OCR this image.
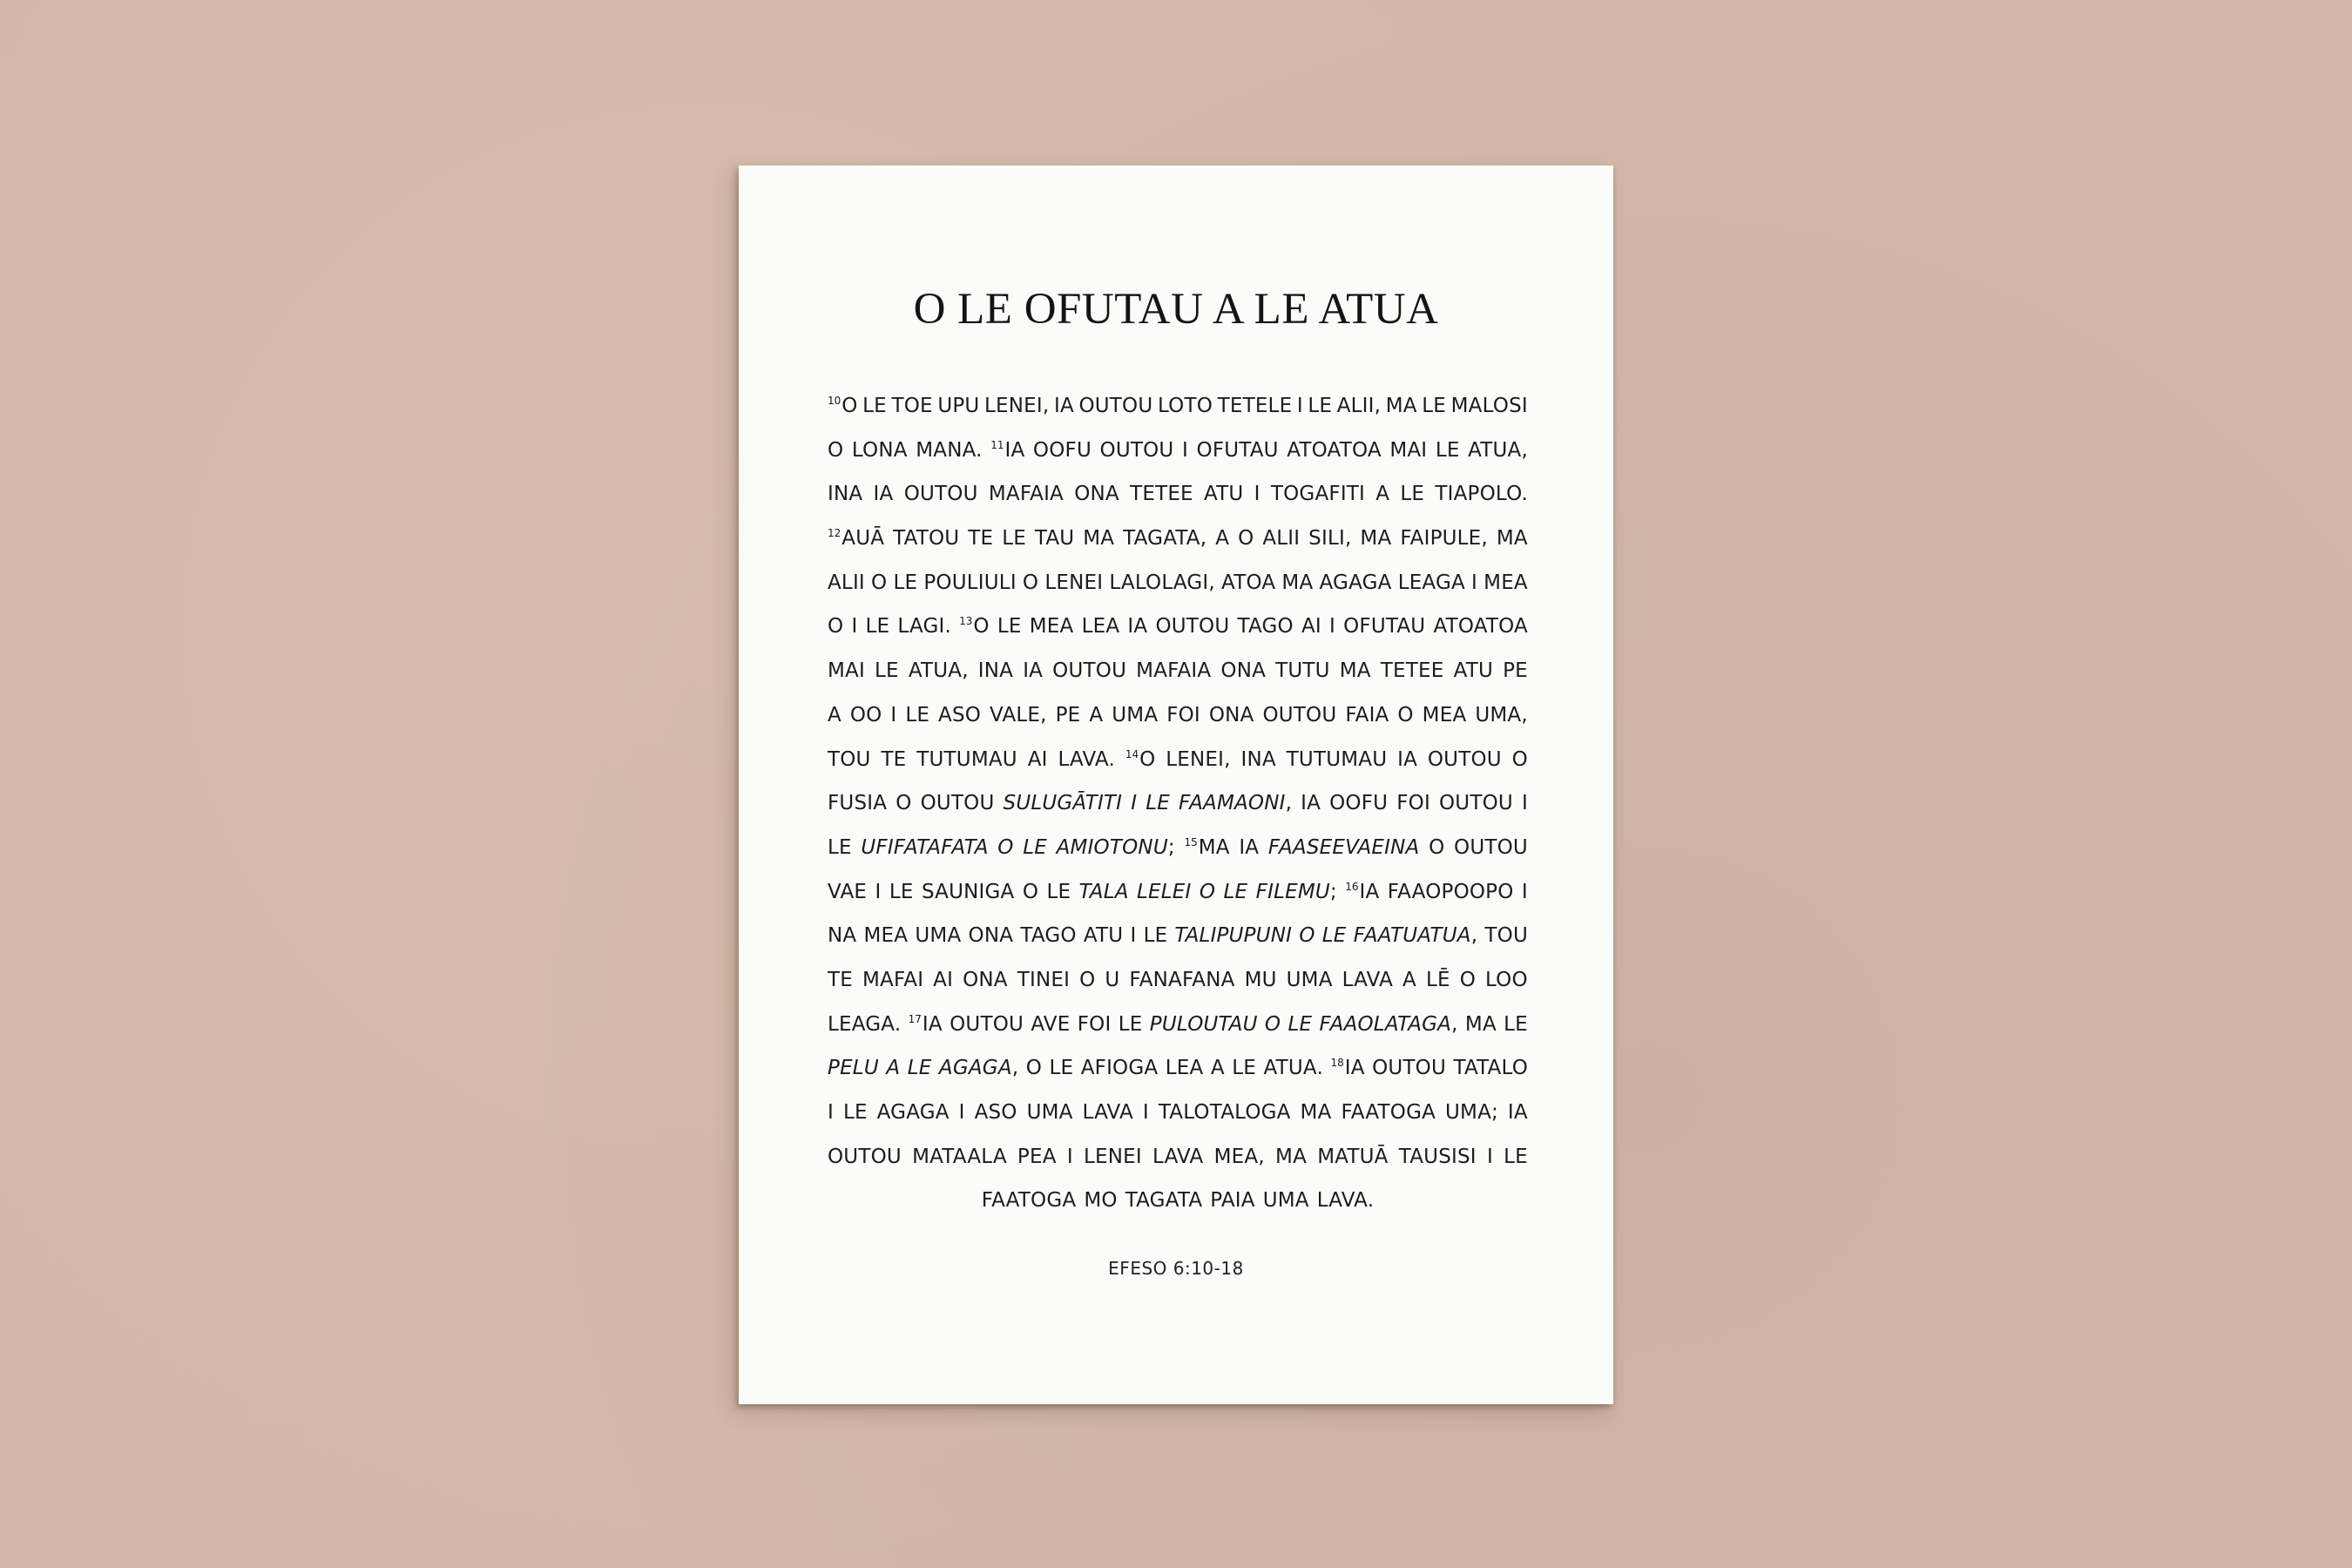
O LE OFUTAU A LE ATUA
$^{10}$O LE TOE UPU LENEI, IA OUTOU LOTO TETELE I LE ALII, MA LE MALOSI
O LONA MANA. $^{11}$IA OOFU OUTOU I OFUTAU ATOATOA MAI LE ATUA,
INA IA OUTOU MAFAIA ONA TETEE ATU I TOGAFITI A LE TIAPOLO.
$^{12}$AUĀ TATOU TE LE TAU MA TAGATA, A O ALII SILI, MA FAIPULE, MA
ALII O LE POULIULI O LENEI LALOLAGI, ATOA MA AGAGA LEAGA I MEA
O I LE LAGI. $^{13}$O LE MEA LEA IA OUTOU TAGO AI I OFUTAU ATOATOA
MAI LE ATUA, INA IA OUTOU MAFAIA ONA TUTU MA TETEE ATU PE
A OO I LE ASO VALE, PE A UMA FOI ONA OUTOU FAIA O MEA UMA,
TOU TE TUTUMAU AI LAVA. $^{14}$O LENEI, INA TUTUMAU IA OUTOU O
FUSIA O OUTOU SULUGĀTITI I LE FAAMAONI, IA OOFU FOI OUTOU I
LE UFIFATAFATA O LE AMIOTONU; $^{15}$MA IA FAASEEVAEINA O OUTOU
VAE I LE SAUNIGA O LE TALA LELEI O LE FILEMU; $^{16}$IA FAAOPOOPO I
NA MEA UMA ONA TAGO ATU I LE TALIPUPUNI O LE FAATUATUA, TOU
TE MAFAI AI ONA TINEI O U FANAFANA MU UMA LAVA A LĒ O LOO
LEAGA. $^{17}$IA OUTOU AVE FOI LE PULOUTAU O LE FAAOLATAGA, MA LE
PELU A LE AGAGA, O LE AFIOGA LEA A LE ATUA. $^{18}$IA OUTOU TATALO
I LE AGAGA I ASO UMA LAVA I TALOTALOGA MA FAATOGA UMA; IA
OUTOU MATAALA PEA I LENEI LAVA MEA, MA MATUĀ TAUSISI I LE
FAATOGA MO TAGATA PAIA UMA LAVA.
EFESO 6:10-18
